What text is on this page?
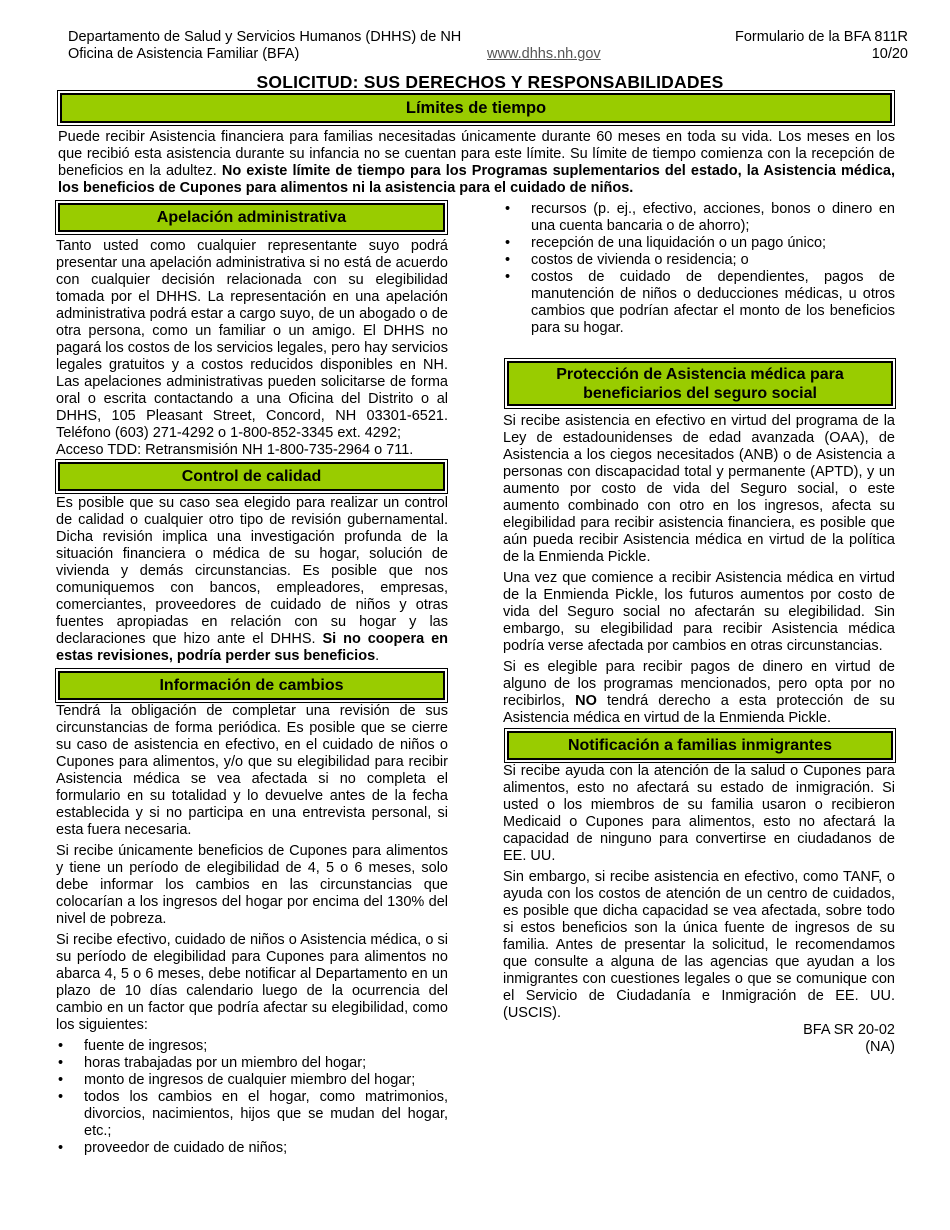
Departamento de Salud y Servicios Humanos (DHHS) de NH
Oficina de Asistencia Familiar (BFA)	www.dhhs.nh.gov
Formulario de la BFA 811R
10/20
SOLICITUD: SUS DERECHOS Y RESPONSABILIDADES
Límites de tiempo

Puede recibir Asistencia financiera para familias necesitadas únicamente durante 60 meses en toda su vida. Los meses en los que recibió esta asistencia durante su infancia no se cuentan para este límite. Su límite de tiempo comienza con la recepción de beneficios en la adultez. No existe límite de tiempo para los Programas suplementarios del estado, la Asistencia médica, los beneficios de Cupones para alimentos ni la asistencia para el cuidado de niños.

Apelación administrativa

Tanto usted como cualquier representante suyo podrá presentar una apelación administrativa si no está de acuerdo con cualquier decisión relacionada con su elegibilidad tomada por el DHHS. La representación en una apelación administrativa podrá estar a cargo suyo, de un abogado o de otra persona, como un familiar o un amigo. El DHHS no pagará los costos de los servicios legales, pero hay servicios legales gratuitos y a costos reducidos disponibles en NH. Las apelaciones administrativas pueden solicitarse de forma oral o escrita contactando a una Oficina del Distrito o al DHHS, 105 Pleasant Street, Concord, NH 03301-6521. Teléfono (603) 271-4292 o 1-800-852-3345 ext. 4292;

Acceso TDD: Retransmisión NH 1-800-735-2964 o 711.

Control de calidad

Es posible que su caso sea elegido para realizar un control de calidad o cualquier otro tipo de revisión gubernamental. Dicha revisión implica una investigación profunda de la situación financiera o médica de su hogar, solución de vivienda y demás circunstancias. Es posible que nos comuniquemos con bancos, empleadores, empresas, comerciantes, proveedores de cuidado de niños y otras fuentes apropiadas en relación con su hogar y las declaraciones que hizo ante el DHHS. Si no coopera en estas revisiones, podría perder sus beneficios.

Información de cambios

Tendrá la obligación de completar una revisión de sus circunstancias de forma periódica. Es posible que se cierre su caso de asistencia en efectivo, en el cuidado de niños o Cupones para alimentos, y/o que su elegibilidad para recibir Asistencia médica se vea afectada si no completa el formulario en su totalidad y lo devuelve antes de la fecha establecida y si no participa en una entrevista personal, si esta fuera necesaria.

Si recibe únicamente beneficios de Cupones para alimentos y tiene un período de elegibilidad de 4, 5 o 6 meses, solo debe informar los cambios en las circunstancias que colocarían a los ingresos del hogar por encima del 130% del nivel de pobreza.

Si recibe efectivo, cuidado de niños o Asistencia médica, o si su período de elegibilidad para Cupones para alimentos no abarca 4, 5 o 6 meses, debe notificar al Departamento en un plazo de 10 días calendario luego de la ocurrencia del cambio en un factor que podría afectar su elegibilidad, como los siguientes:

• fuente de ingresos;
• horas trabajadas por un miembro del hogar;
• monto de ingresos de cualquier miembro del hogar;
• todos los cambios en el hogar, como matrimonios, divorcios, nacimientos, hijos que se mudan del hogar, etc.;
• proveedor de cuidado de niños;
• recursos (p. ej., efectivo, acciones, bonos o dinero en una cuenta bancaria o de ahorro);
• recepción de una liquidación o un pago único;
• costos de vivienda o residencia; o
• costos de cuidado de dependientes, pagos de manutención de niños o deducciones médicas, u otros cambios que podrían afectar el monto de los beneficios para su hogar.
Protección de Asistencia médica para
beneficiarios del seguro social

Si recibe asistencia en efectivo en virtud del programa de la Ley de estadounidenses de edad avanzada (OAA), de Asistencia a los ciegos necesitados (ANB) o de Asistencia a personas con discapacidad total y permanente (APTD), y un aumento por costo de vida del Seguro social, o este aumento combinado con otro en los ingresos, afecta su elegibilidad para recibir asistencia financiera, es posible que aún pueda recibir Asistencia médica en virtud de la política de la Enmienda Pickle.

Una vez que comience a recibir Asistencia médica en virtud de la Enmienda Pickle, los futuros aumentos por costo de vida del Seguro social no afectarán su elegibilidad. Sin embargo, su elegibilidad para recibir Asistencia médica podría verse afectada por cambios en otras circunstancias.

Si es elegible para recibir pagos de dinero en virtud de alguno de los programas mencionados, pero opta por no recibirlos, NO tendrá derecho a esta protección de su Asistencia médica en virtud de la Enmienda Pickle.

Notificación a familias inmigrantes

Si recibe ayuda con la atención de la salud o Cupones para alimentos, esto no afectará su estado de inmigración. Si usted o los miembros de su familia usaron o recibieron Medicaid o Cupones para alimentos, esto no afectará la capacidad de ninguno para convertirse en ciudadanos de EE. UU.

Sin embargo, si recibe asistencia en efectivo, como TANF, o ayuda con los costos de atención de un centro de cuidados, es posible que dicha capacidad se vea afectada, sobre todo si estos beneficios son la única fuente de ingresos de su familia. Antes de presentar la solicitud, le recomendamos que consulte a alguna de las agencias que ayudan a los inmigrantes con cuestiones legales o que se comunique con el Servicio de Ciudadanía e Inmigración de EE. UU. (USCIS).

BFA SR 20-02
(NA)
